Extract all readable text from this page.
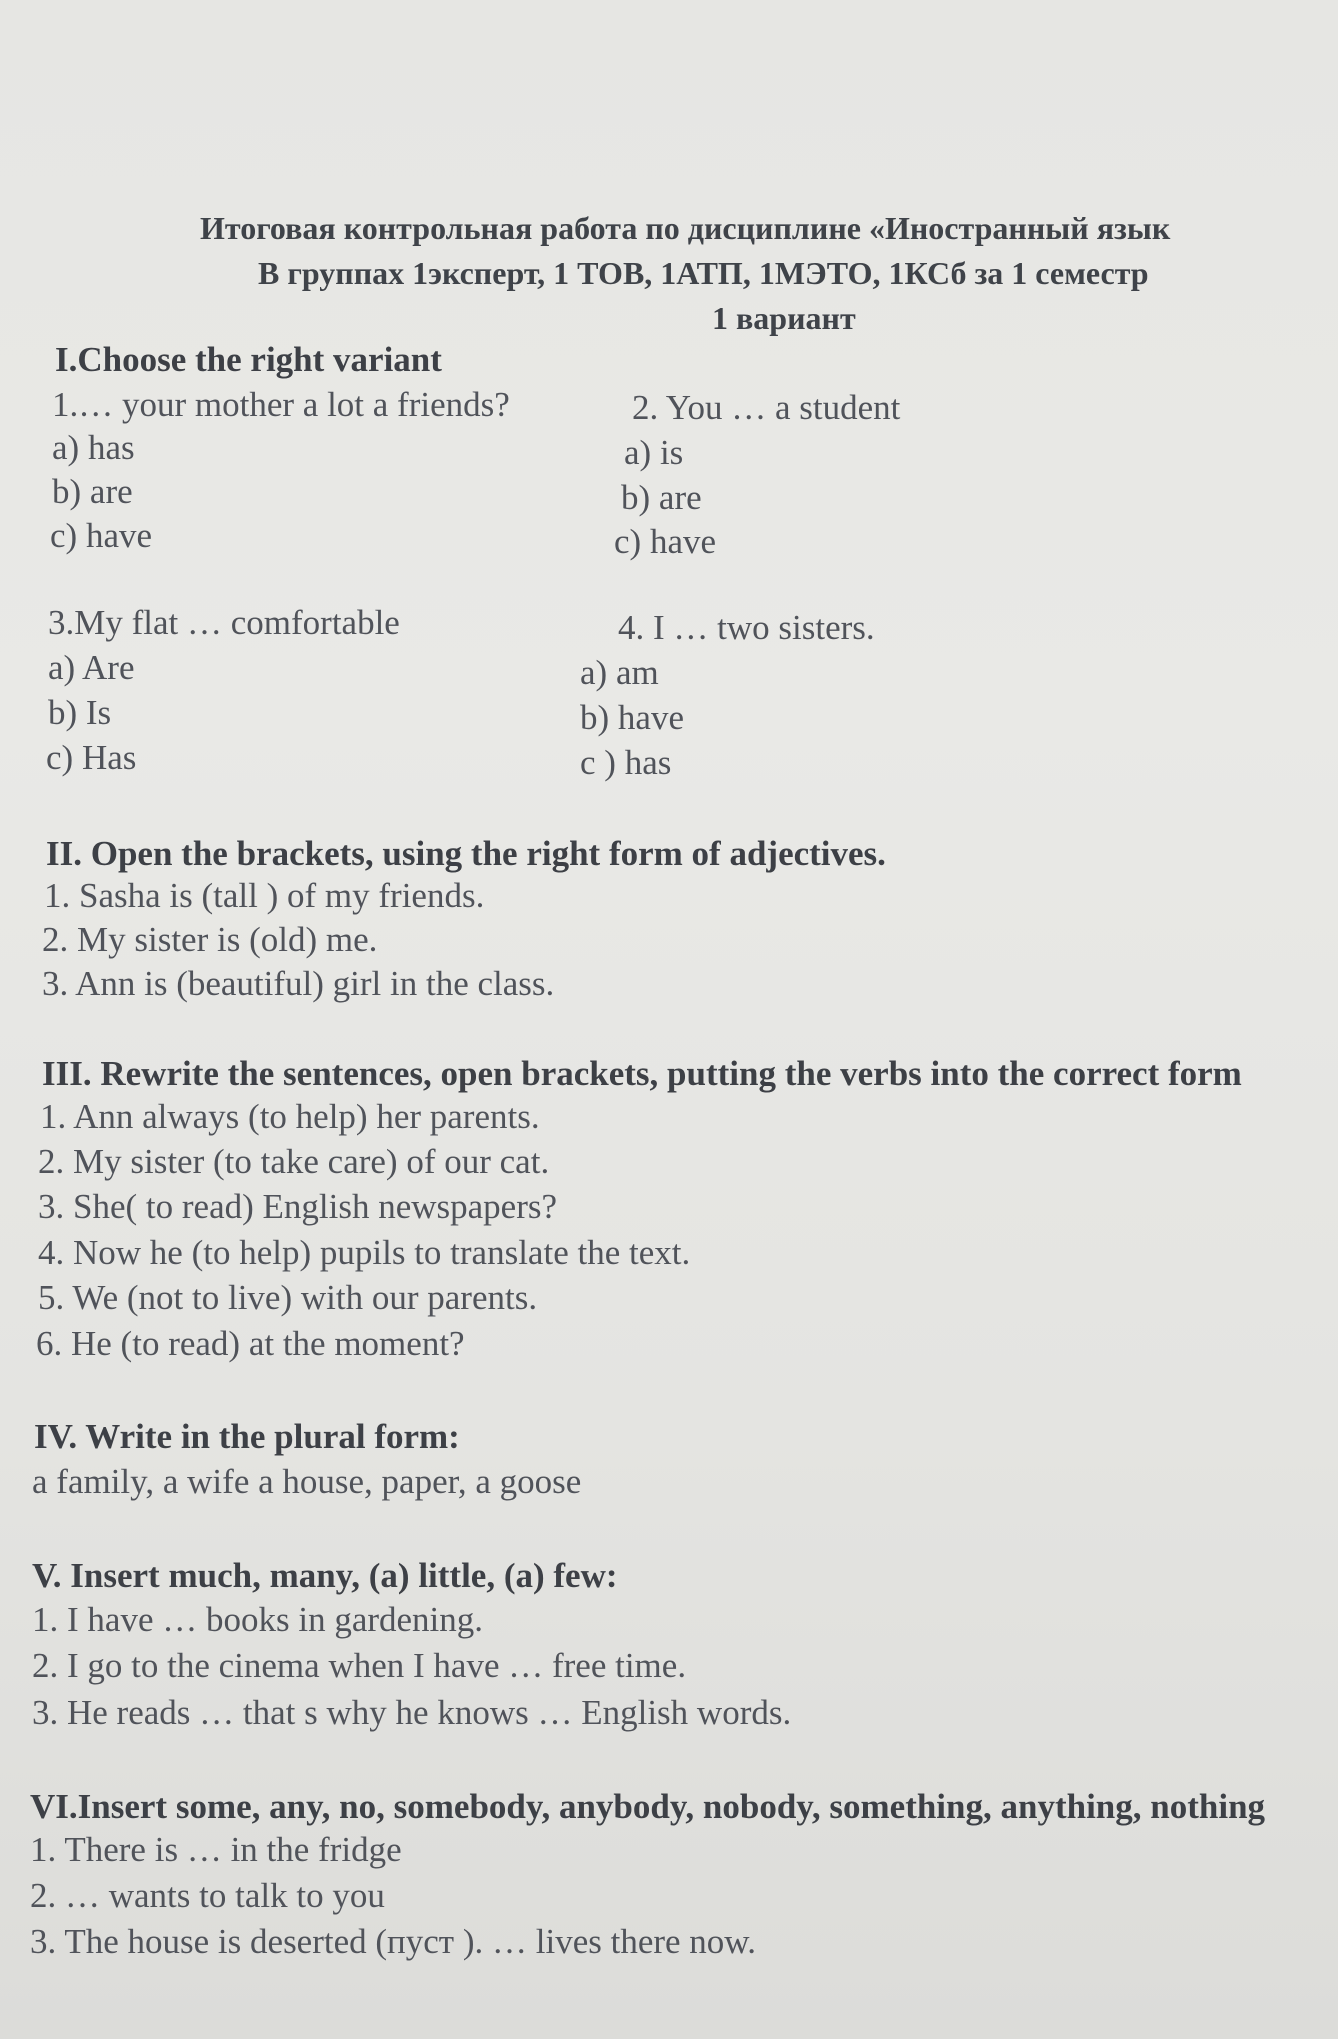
Итоговая контрольная работа по дисциплине «Иностранный язык
В группах 1эксперт, 1 ТОВ, 1АТП, 1МЭТО, 1КСб за 1 семестр
1 вариант
I.Choose the right variant
1.… your mother a lot a friends?
a) has
b) are
c) have
2. You … a student
a) is
b) are
c) have
3.My flat … comfortable
a) Are
b) Is
c) Has
4. I … two sisters.
a) am
b) have
c ) has
II. Open the brackets, using the right form of adjectives.
1. Sasha is (tall ) of my friends.
2. My sister is (old) me.
3. Ann is (beautiful) girl in the class.
III. Rewrite the sentences, open brackets, putting the verbs into the correct form
1. Ann always (to help) her parents.
2. My sister (to take care) of our cat.
3. She( to read) English newspapers?
4. Now he (to help) pupils to translate the text.
5. We (not to live) with our parents.
6. He (to read) at the moment?
IV. Write in the plural form:
a family, a wife a house, paper, a goose
V. Insert much, many, (a) little, (a) few:
1. I have … books in gardening.
2. I go to the cinema when I have … free time.
3. He reads … that s why he knows … English words.
VI.Insert some, any, no, somebody, anybody, nobody, something, anything, nothing
1. There is … in the fridge
2. … wants to talk to you
3. The house is deserted (пуст ). … lives there now.
